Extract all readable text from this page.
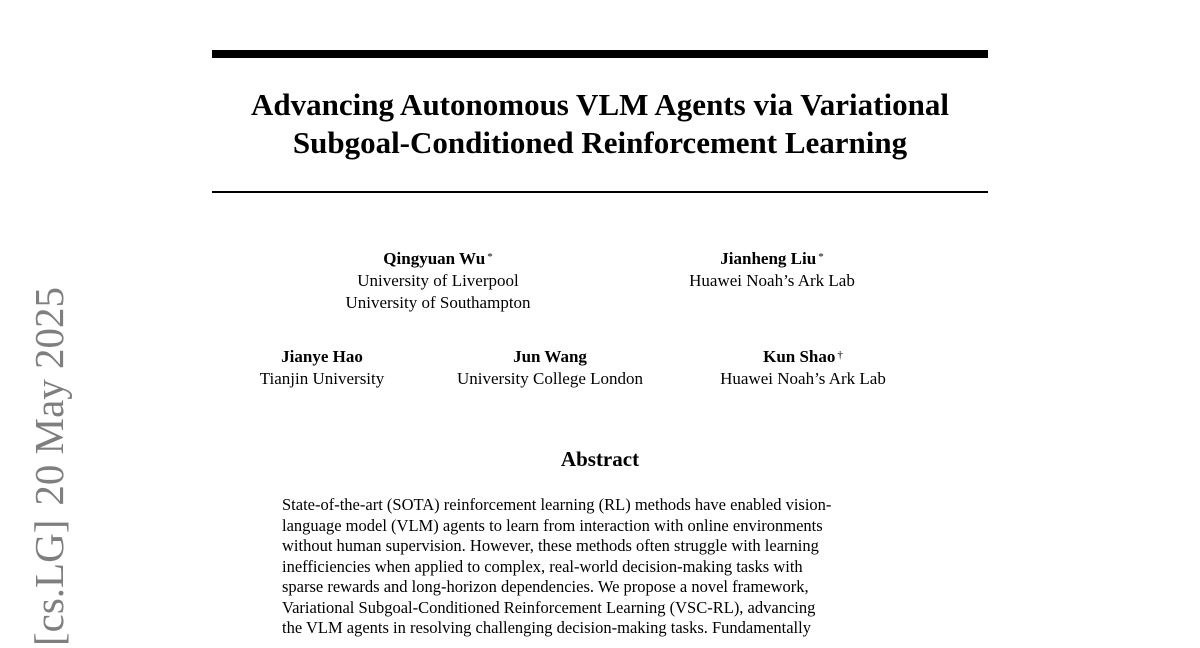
Advancing Autonomous VLM Agents via Variational
Subgoal-Conditioned Reinforcement Learning
Qingyuan Wu *
University of Liverpool
University of Southampton
Jianheng Liu *
Huawei Noah’s Ark Lab
Jianye Hao
Tianjin University
Jun Wang
University College London
Kun Shao †
Huawei Noah’s Ark Lab
Abstract
State-of-the-art (SOTA) reinforcement learning (RL) methods have enabled vision-
language model (VLM) agents to learn from interaction with online environments
without human supervision. However, these methods often struggle with learning
inefficiencies when applied to complex, real-world decision-making tasks with
sparse rewards and long-horizon dependencies. We propose a novel framework,
Variational Subgoal-Conditioned Reinforcement Learning (VSC-RL), advancing
the VLM agents in resolving challenging decision-making tasks. Fundamentally
[cs.LG]20 May 2025
